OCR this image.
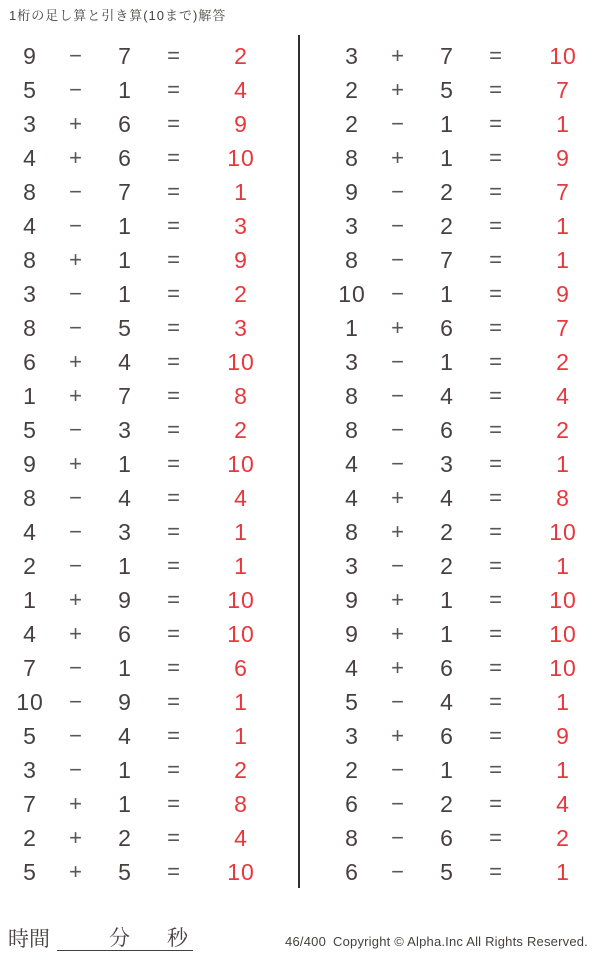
1桁の足し算と引き算(10まで)解答
9	−	7	=	2
5	−	1	=	4
3	+	6	=	9
4	+	6	=	10
8	−	7	=	1
4	−	1	=	3
8	+	1	=	9
3	−	1	=	2
8	−	5	=	3
6	+	4	=	10
1	+	7	=	8
5	−	3	=	2
9	+	1	=	10
8	−	4	=	4
4	−	3	=	1
2	−	1	=	1
1	+	9	=	10
4	+	6	=	10
7	−	1	=	6
10	−	9	=	1
5	−	4	=	1
3	−	1	=	2
7	+	1	=	8
2	+	2	=	4
5	+	5	=	10
3	+	7	=	10
2	+	5	=	7
2	−	1	=	1
8	+	1	=	9
9	−	2	=	7
3	−	2	=	1
8	−	7	=	1
10	−	1	=	9
1	+	6	=	7
3	−	1	=	2
8	−	4	=	4
8	−	6	=	2
4	−	3	=	1
4	+	4	=	8
8	+	2	=	10
3	−	2	=	1
9	+	1	=	10
9	+	1	=	10
4	+	6	=	10
5	−	4	=	1
3	+	6	=	9
2	−	1	=	1
6	−	2	=	4
8	−	6	=	2
6	−	5	=	1
時間	分 秒	46/400 Copyright © Alpha.Inc All Rights Reserved.
